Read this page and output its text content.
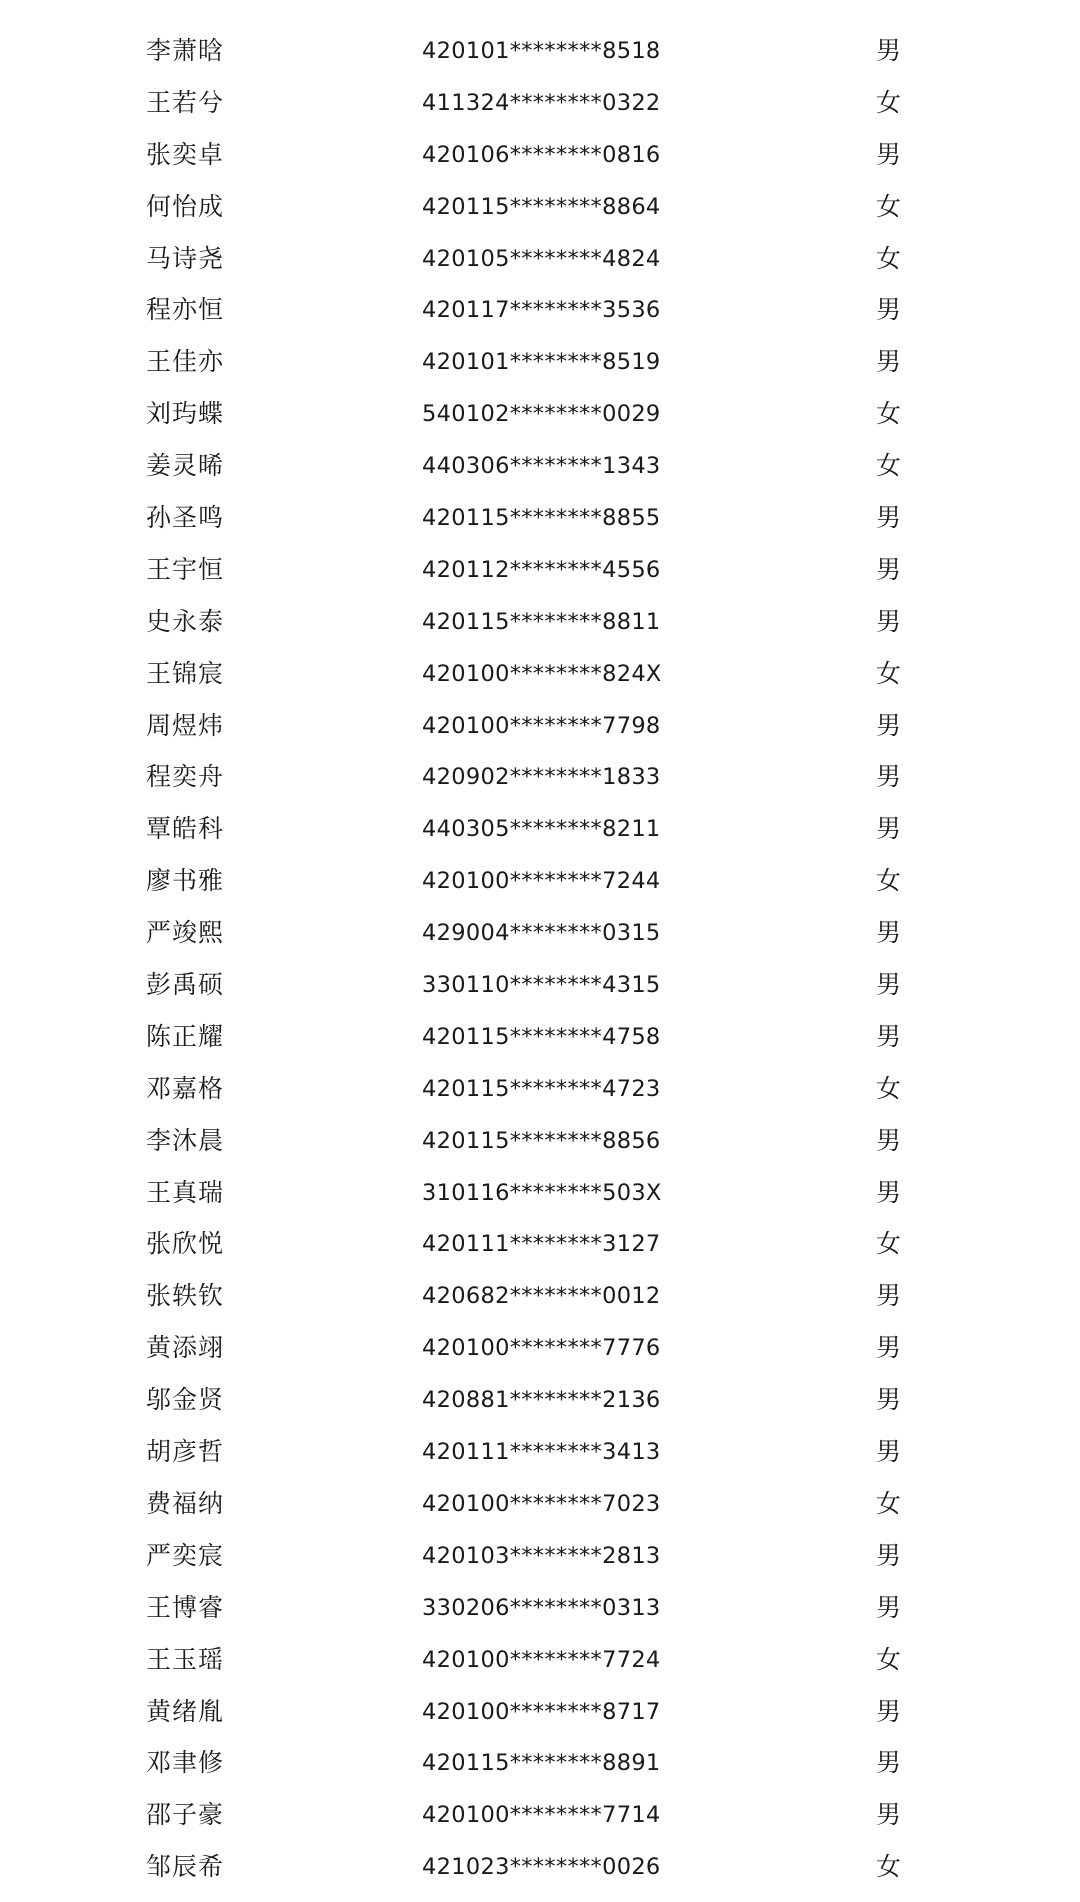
李萧晗	420101********8518	男
王若兮	411324********0322	女
张奕卓	420106********0816	男
何怡成	420115********8864	女
马诗尧	420105********4824	女
程亦恒	420117********3536	男
王佳亦	420101********8519	男
刘玙蝶	540102********0029	女
姜灵晞	440306********1343	女
孙圣鸣	420115********8855	男
王宇恒	420112********4556	男
史永泰	420115********8811	男
王锦宸	420100********824X	女
周煜炜	420100********7798	男
程奕舟	420902********1833	男
覃皓科	440305********8211	男
廖书雅	420100********7244	女
严竣熙	429004********0315	男
彭禹硕	330110********4315	男
陈正耀	420115********4758	男
邓嘉格	420115********4723	女
李沐晨	420115********8856	男
王真瑞	310116********503X	男
张欣悦	420111********3127	女
张轶钦	420682********0012	男
黄添翊	420100********7776	男
邬金贤	420881********2136	男
胡彦哲	420111********3413	男
费福纳	420100********7023	女
严奕宸	420103********2813	男
王博睿	330206********0313	男
王玉瑶	420100********7724	女
黄绪胤	420100********8717	男
邓聿修	420115********8891	男
邵子豪	420100********7714	男
邹辰希	421023********0026	女
